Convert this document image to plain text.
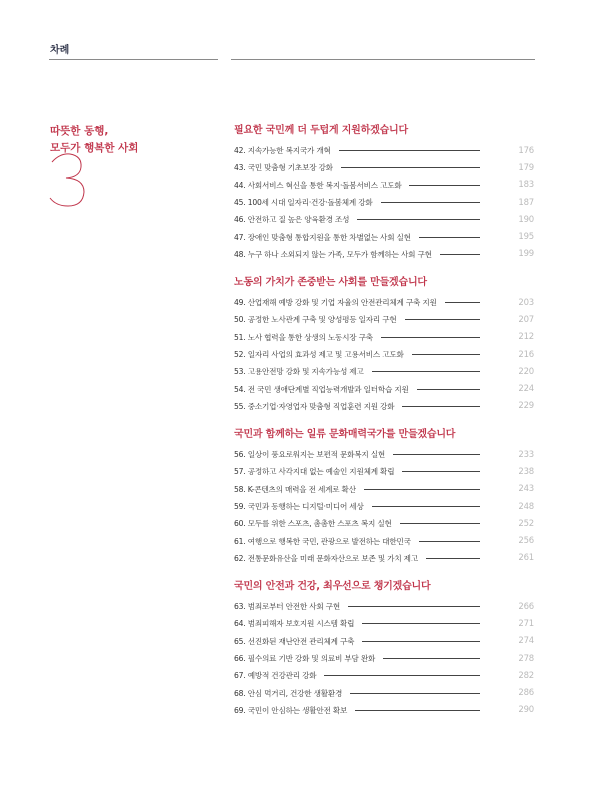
차례
따뜻한 동행,
모두가 행복한 사회
필요한 국민께 더 두텁게 지원하겠습니다
42. 지속가능한 복지국가 개혁	176
43. 국민 맞춤형 기초보장 강화	179
44. 사회서비스 혁신을 통한 복지·돌봄서비스 고도화	183
45. 100세 시대 일자리·건강·돌봄체계 강화	187
46. 안전하고 질 높은 양육환경 조성	190
47. 장애인 맞춤형 통합지원을 통한 차별없는 사회 실현	195
48. 누구 하나 소외되지 않는 가족, 모두가 함께하는 사회 구현	199
노동의 가치가 존중받는 사회를 만들겠습니다
49. 산업재해 예방 강화 및 기업 자율의 안전관리체계 구축 지원	203
50. 공정한 노사관계 구축 및 양성평등 일자리 구현	207
51. 노사 협력을 통한 상생의 노동시장 구축	212
52. 일자리 사업의 효과성 제고 및 고용서비스 고도화	216
53. 고용안전망 강화 및 지속가능성 제고	220
54. 전 국민 생애단계별 직업능력개발과 일터학습 지원	224
55. 중소기업·자영업자 맞춤형 직업훈련 지원 강화	229
국민과 함께하는 일류 문화매력국가를 만들겠습니다
56. 일상이 풍요로워지는 보편적 문화복지 실현	233
57. 공정하고 사각지대 없는 예술인 지원체계 확립	238
58. K-콘텐츠의 매력을 전 세계로 확산	243
59. 국민과 동행하는 디지털·미디어 세상	248
60. 모두를 위한 스포츠, 촘촘한 스포츠 복지 실현	252
61. 여행으로 행복한 국민, 관광으로 발전하는 대한민국	256
62. 전통문화유산을 미래 문화자산으로 보존 및 가치 제고	261
국민의 안전과 건강, 최우선으로 챙기겠습니다
63. 범죄로부터 안전한 사회 구현	266
64. 범죄피해자 보호지원 시스템 확립	271
65. 선진화된 재난안전 관리체계 구축	274
66. 필수의료 기반 강화 및 의료비 부담 완화	278
67. 예방적 건강관리 강화	282
68. 안심 먹거리, 건강한 생활환경	286
69. 국민이 안심하는 생활안전 확보	290
